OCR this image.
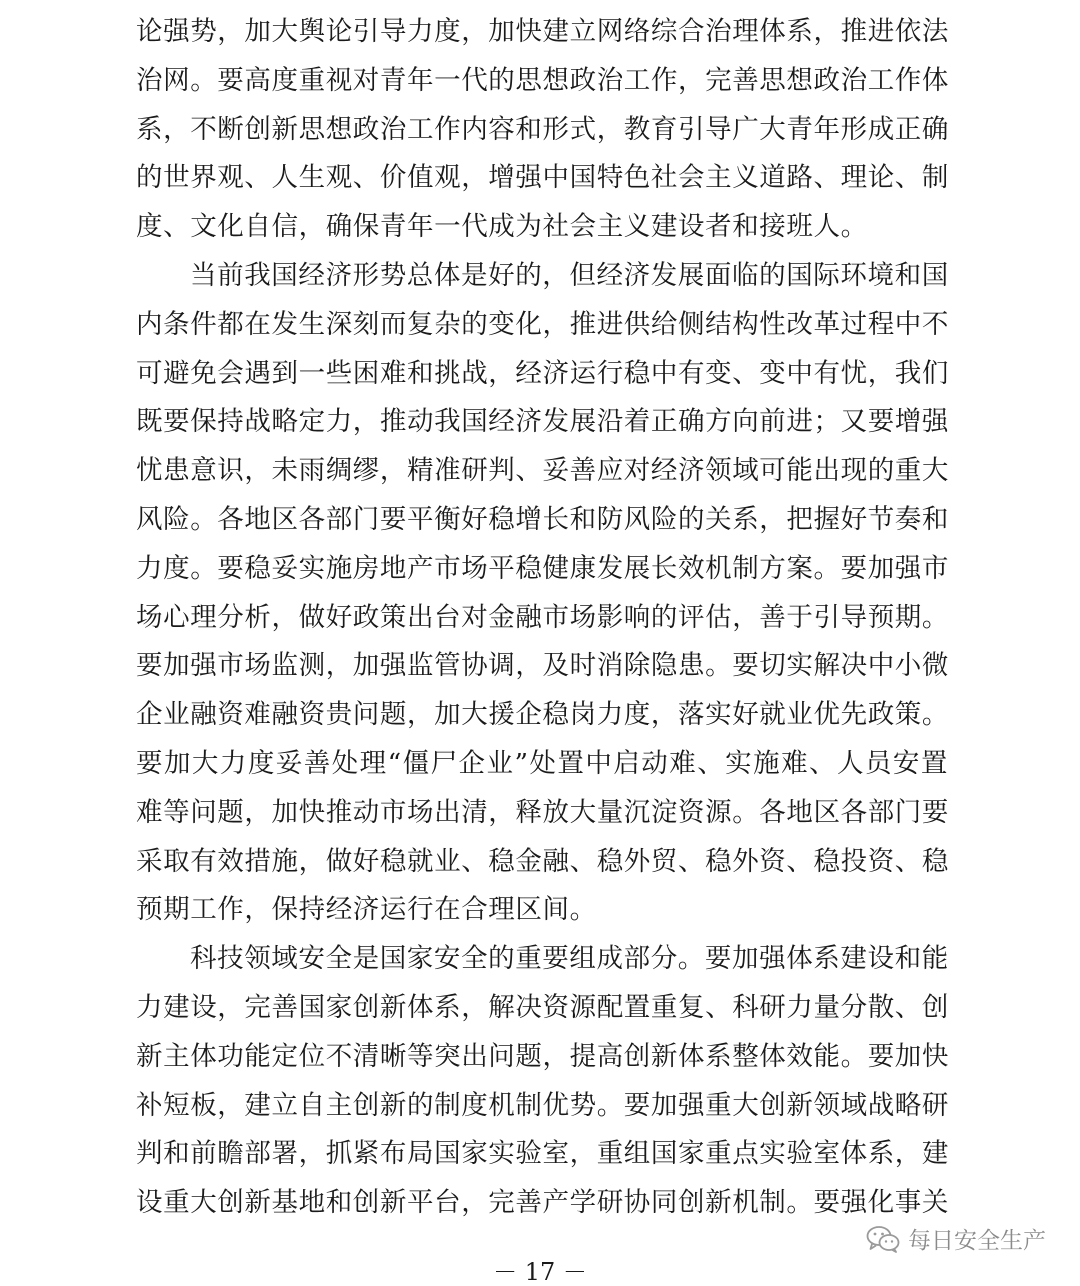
论强势，加大舆论引导力度，加快建立网络综合治理体系，推进依法
治网。要高度重视对青年一代的思想政治工作，完善思想政治工作体
系，不断创新思想政治工作内容和形式，教育引导广大青年形成正确
的世界观、人生观、价值观，增强中国特色社会主义道路、理论、制
度、文化自信，确保青年一代成为社会主义建设者和接班人。
当前我国经济形势总体是好的，但经济发展面临的国际环境和国
内条件都在发生深刻而复杂的变化，推进供给侧结构性改革过程中不
可避免会遇到一些困难和挑战，经济运行稳中有变、变中有忧，我们
既要保持战略定力，推动我国经济发展沿着正确方向前进；又要增强
忧患意识，未雨绸缪，精准研判、妥善应对经济领域可能出现的重大
风险。各地区各部门要平衡好稳增长和防风险的关系，把握好节奏和
力度。要稳妥实施房地产市场平稳健康发展长效机制方案。要加强市
场心理分析，做好政策出台对金融市场影响的评估，善于引导预期。
要加强市场监测，加强监管协调，及时消除隐患。要切实解决中小微
企业融资难融资贵问题，加大援企稳岗力度，落实好就业优先政策。
要加大力度妥善处理“僵尸企业”处置中启动难、实施难、人员安置
难等问题，加快推动市场出清，释放大量沉淀资源。各地区各部门要
采取有效措施，做好稳就业、稳金融、稳外贸、稳外资、稳投资、稳
预期工作，保持经济运行在合理区间。
科技领域安全是国家安全的重要组成部分。要加强体系建设和能
力建设，完善国家创新体系，解决资源配置重复、科研力量分散、创
新主体功能定位不清晰等突出问题，提高创新体系整体效能。要加快
补短板，建立自主创新的制度机制优势。要加强重大创新领域战略研
判和前瞻部署，抓紧布局国家实验室，重组国家重点实验室体系，建
设重大创新基地和创新平台，完善产学研协同创新机制。要强化事关
每日安全生产
－ 17 －
